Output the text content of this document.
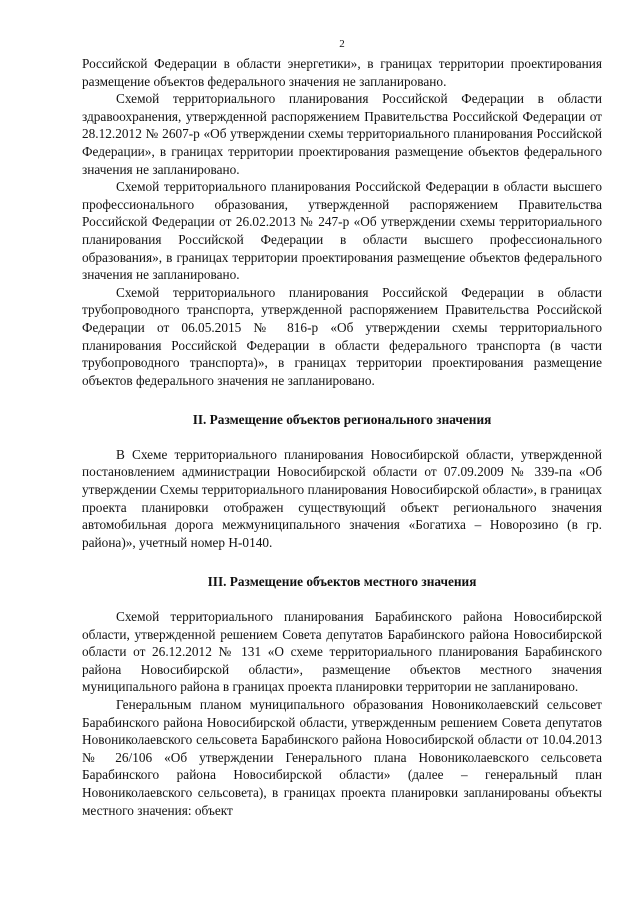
2

Российской Федерации в области энергетики», в границах территории проектирования размещение объектов федерального значения не запланировано.

Схемой территориального планирования Российской Федерации в области здравоохранения, утвержденной распоряжением Правительства Российской Федерации от 28.12.2012 № 2607-р «Об утверждении схемы территориального планирования Российской Федерации», в границах территории проектирования размещение объектов федерального значения не запланировано.

Схемой территориального планирования Российской Федерации в области высшего профессионального образования, утвержденной распоряжением Правительства Российской Федерации от 26.02.2013 № 247-р «Об утверждении схемы территориального планирования Российской Федерации в области высшего профессионального образования», в границах территории проектирования размещение объектов федерального значения не запланировано.

Схемой территориального планирования Российской Федерации в области трубопроводного транспорта, утвержденной распоряжением Правительства Российской Федерации от 06.05.2015 № 816-р «Об утверждении схемы территориального планирования Российской Федерации в области федерального транспорта (в части трубопроводного транспорта)», в границах территории проектирования размещение объектов федерального значения не запланировано.

II. Размещение объектов регионального значения

В Схеме территориального планирования Новосибирской области, утвержденной постановлением администрации Новосибирской области от 07.09.2009 № 339-па «Об утверждении Схемы территориального планирования Новосибирской области», в границах проекта планировки отображен существующий объект регионального значения автомобильная дорога межмуниципального значения «Богатиха – Новорозино (в гр. района)», учетный номер Н-0140.

III. Размещение объектов местного значения

Схемой территориального планирования Барабинского района Новосибирской области, утвержденной решением Совета депутатов Барабинского района Новосибирской области от 26.12.2012 № 131 «О схеме территориального планирования Барабинского района Новосибирской области», размещение объектов местного значения муниципального района в границах проекта планировки территории не запланировано.

Генеральным планом муниципального образования Новониколаевский сельсовет Барабинского района Новосибирской области, утвержденным решением Совета депутатов Новониколаевского сельсовета Барабинского района Новосибирской области от 10.04.2013 № 26/106 «Об утверждении Генерального плана Новониколаевского сельсовета Барабинского района Новосибирской области» (далее – генеральный план Новониколаевского сельсовета), в границах проекта планировки запланированы объекты местного значения: объект
